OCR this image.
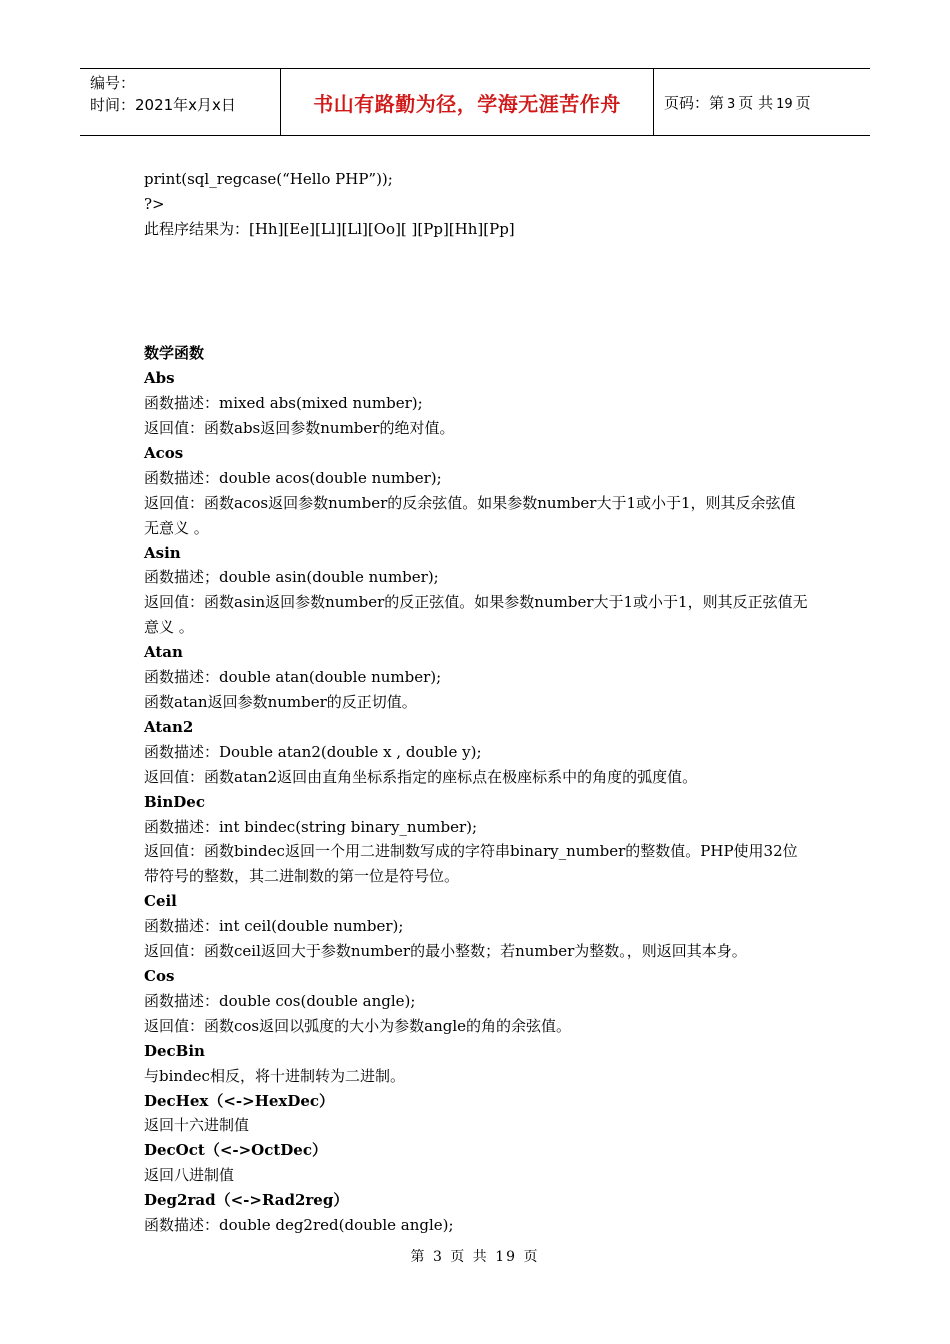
编号：
时间：2021年x月x日	书山有路勤为径，学海无涯苦作舟	页码：第 3 页 共 19 页
print(sql_regcase(“Hello PHP”));
?>
此程序结果为：[Hh][Ee][Ll][Ll][Oo][ ][Pp][Hh][Pp]
数学函数
Abs
函数描述：mixed abs(mixed number);
返回值：函数abs返回参数number的绝对值。
Acos
函数描述：double acos(double number);
返回值：函数acos返回参数number的反余弦值。如果参数number大于1或小于1，则其反余弦值无意义 。
Asin
函数描述；double asin(double number);
返回值：函数asin返回参数number的反正弦值。如果参数number大于1或小于1，则其反正弦值无意义 。
Atan
函数描述：double atan(double number);
函数atan返回参数number的反正切值。
Atan2
函数描述：Double atan2(double x , double y);
返回值：函数atan2返回由直角坐标系指定的座标点在极座标系中的角度的弧度值。
BinDec
函数描述：int bindec(string binary_number);
返回值：函数bindec返回一个用二进制数写成的字符串binary_number的整数值。PHP使用32位带符号的整数，其二进制数的第一位是符号位。
Ceil
函数描述：int ceil(double number);
返回值：函数ceil返回大于参数number的最小整数；若number为整数。，则返回其本身。
Cos
函数描述：double cos(double angle);
返回值：函数cos返回以弧度的大小为参数angle的角的余弦值。
DecBin
与bindec相反，将十进制转为二进制。
DecHex（<->HexDec）
返回十六进制值
DecOct（<->OctDec）
返回八进制值
Deg2rad（<->Rad2reg）
函数描述：double deg2red(double angle);
第 3 页 共 19 页
